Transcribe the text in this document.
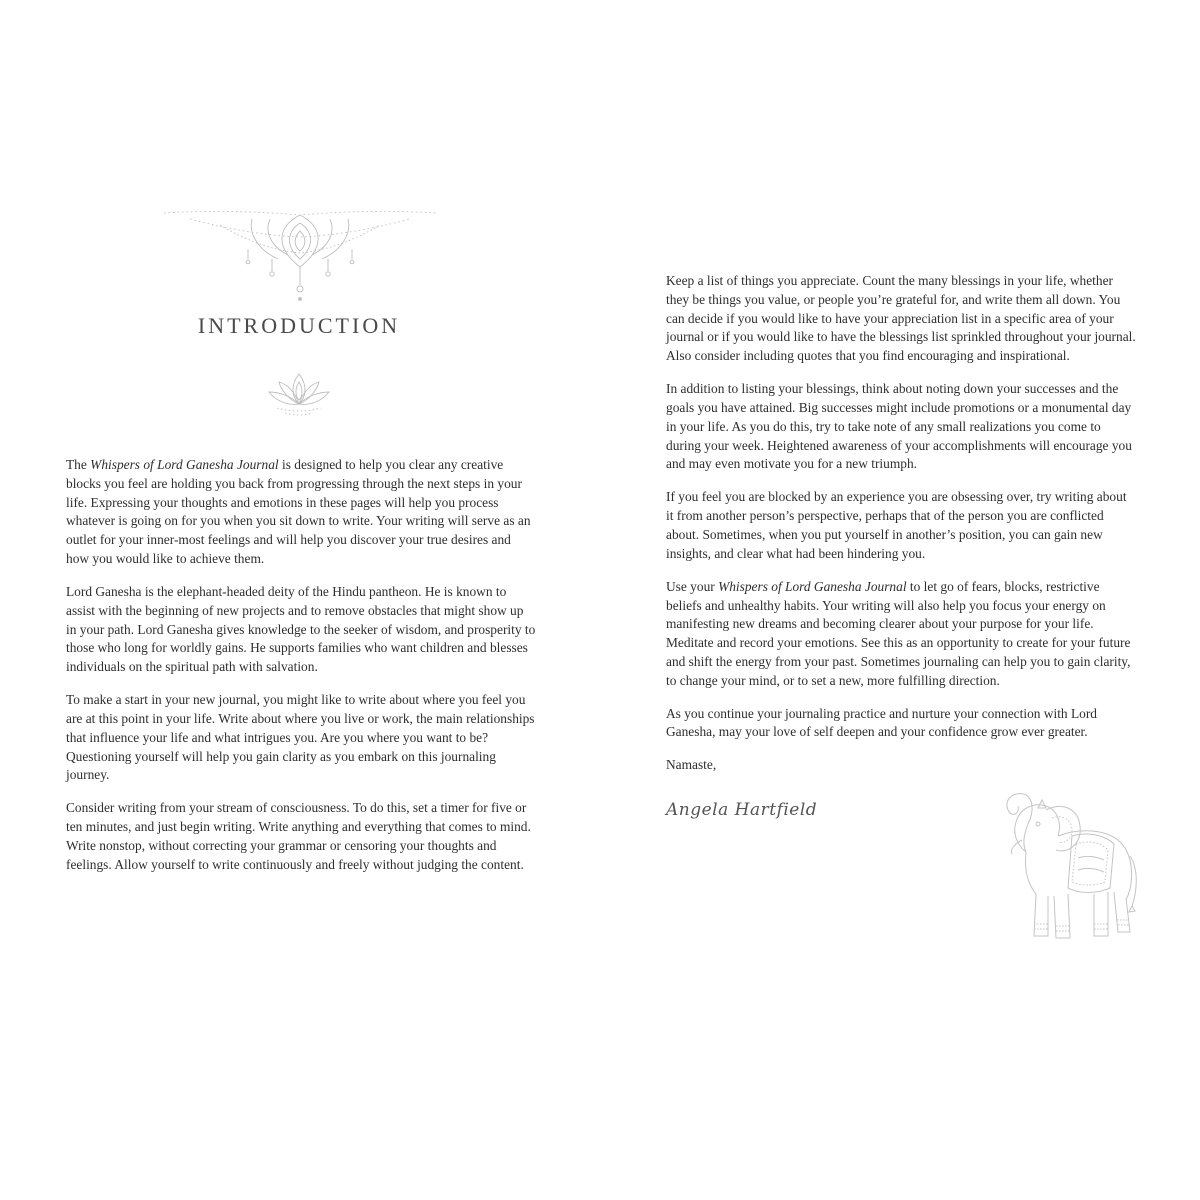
INTRODUCTION

The Whispers of Lord Ganesha Journal is designed to help you clear any creative blocks you feel are holding you back from progressing through the next steps in your life. Expressing your thoughts and emotions in these pages will help you process whatever is going on for you when you sit down to write. Your writing will serve as an outlet for your inner-most feelings and will help you discover your true desires and how you would like to achieve them.

Lord Ganesha is the elephant-headed deity of the Hindu pantheon. He is known to assist with the beginning of new projects and to remove obstacles that might show up in your path. Lord Ganesha gives knowledge to the seeker of wisdom, and prosperity to those who long for worldly gains. He supports families who want children and blesses individuals on the spiritual path with salvation.

To make a start in your new journal, you might like to write about where you feel you are at this point in your life. Write about where you live or work, the main relationships that influence your life and what intrigues you. Are you where you want to be? Questioning yourself will help you gain clarity as you embark on this journaling journey.

Consider writing from your stream of consciousness. To do this, set a timer for five or ten minutes, and just begin writing. Write anything and everything that comes to mind. Write nonstop, without correcting your grammar or censoring your thoughts and feelings. Allow yourself to write continuously and freely without judging the content.

Keep a list of things you appreciate. Count the many blessings in your life, whether they be things you value, or people you’re grateful for, and write them all down. You can decide if you would like to have your appreciation list in a specific area of your journal or if you would like to have the blessings list sprinkled throughout your journal. Also consider including quotes that you find encouraging and inspirational.

In addition to listing your blessings, think about noting down your successes and the goals you have attained. Big successes might include promotions or a monumental day in your life. As you do this, try to take note of any small realizations you come to during your week. Heightened awareness of your accomplishments will encourage you and may even motivate you for a new triumph.

If you feel you are blocked by an experience you are obsessing over, try writing about it from another person’s perspective, perhaps that of the person you are conflicted about. Sometimes, when you put yourself in another’s position, you can gain new insights, and clear what had been hindering you.

Use your Whispers of Lord Ganesha Journal to let go of fears, blocks, restrictive beliefs and unhealthy habits. Your writing will also help you focus your energy on manifesting new dreams and becoming clearer about your purpose for your life. Meditate and record your emotions. See this as an opportunity to create for your future and shift the energy from your past. Sometimes journaling can help you to gain clarity, to change your mind, or to set a new, more fulfilling direction.

As you continue your journaling practice and nurture your connection with Lord Ganesha, may your love of self deepen and your confidence grow ever greater.

Namaste,

Angela Hartfield
